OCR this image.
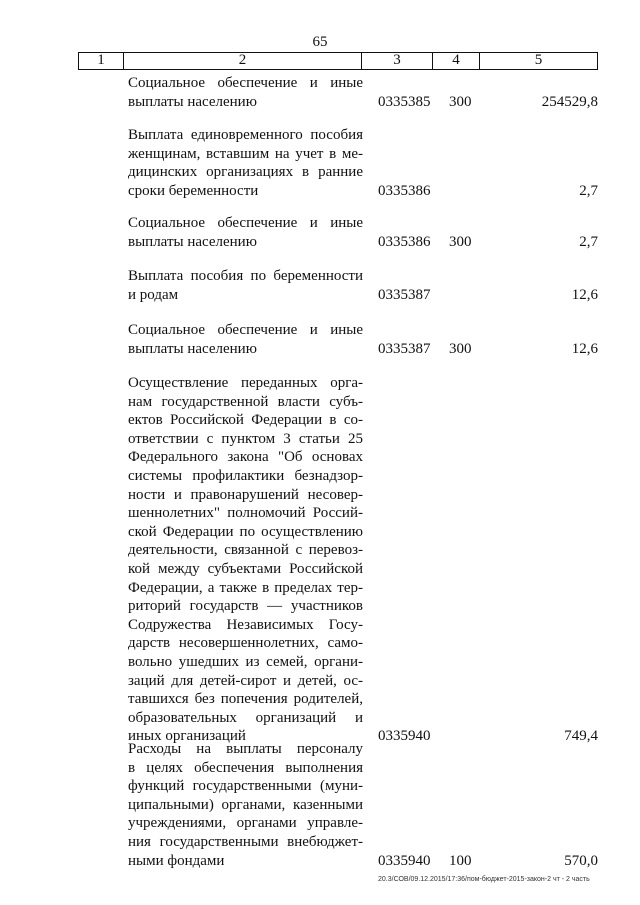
65
1	2	3	4	5
Социальное обеспечение и иные
выплаты населению	0335385 300	254529,8
Выплата единовременного пособия
женщинам, вставшим на учет в ме-
дицинских организациях в ранние
сроки беременности	0335386	2,7
Социальное обеспечение и иные
выплаты населению	0335386 300	2,7
Выплата пособия по беременности
и родам	0335387	12,6
Социальное обеспечение и иные
выплаты населению	0335387 300	12,6
Осуществление переданных орга-
нам государственной власти субъ-
ектов Российской Федерации в со-
ответствии с пунктом 3 статьи 25
Федерального закона "Об основах
системы профилактики безнадзор-
ности и правонарушений несовер-
шеннолетних" полномочий Россий-
ской Федерации по осуществлению
деятельности, связанной с перевоз-
кой между субъектами Российской
Федерации, а также в пределах тер-
риторий государств — участников
Содружества Независимых Госу-
дарств несовершеннолетних, само-
вольно ушедших из семей, органи-
заций для детей-сирот и детей, ос-
тавшихся без попечения родителей,
образовательных организаций и
иных организаций	0335940	749,4
Расходы на выплаты персоналу
в целях обеспечения выполнения
функций государственными (муни-
ципальными) органами, казенными
учреждениями, органами управле-
ния государственными внебюджет-
ными фондами	0335940 100	570,0
20.3/СОВ/09.12.2015/17:36/пом-бюджет-2015-закон-2 чт - 2 часть
